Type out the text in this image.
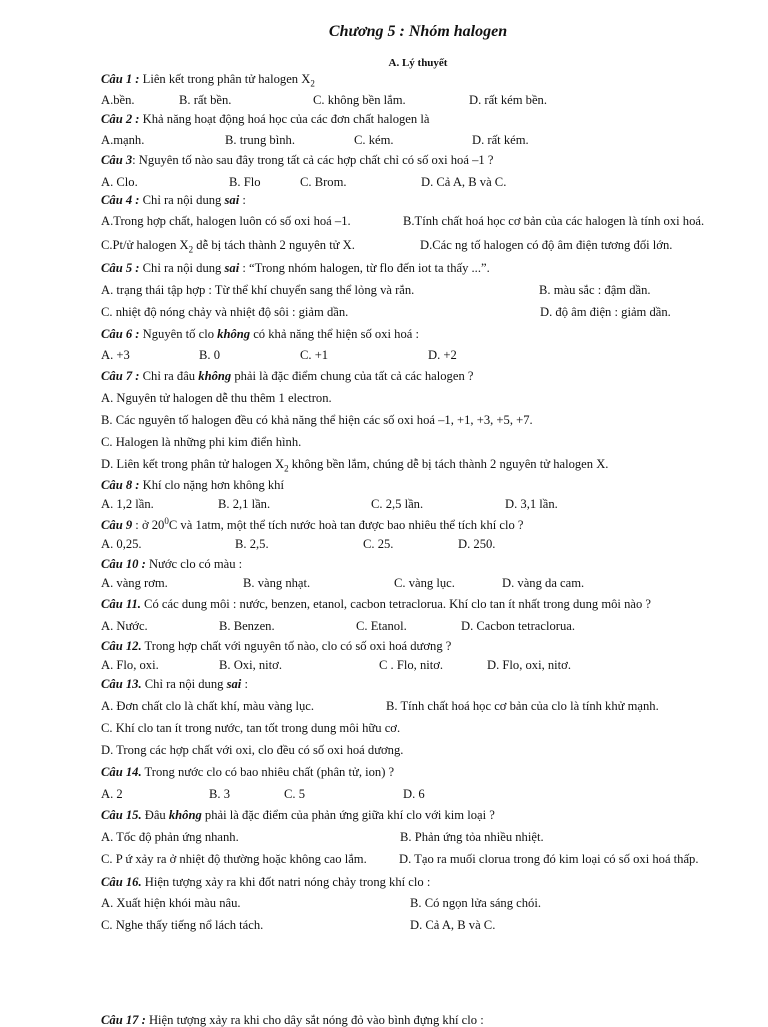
Chương 5 : Nhóm halogen
A. Lý thuyết
Câu 1 : Liên kết trong phân tử halogen $X_2$
A.bền.	B. rất bền.	C. không bền lắm.	D. rất kém bền.
Câu 2 : Khả năng hoạt động hoá học của các đơn chất halogen là
A.mạnh.	B. trung bình.	C. kém.	D. rất kém.
Câu 3: Nguyên tố nào sau đây trong tất cả các hợp chất chỉ có số oxi hoá –1 ?
A. Clo.	B. Flo	C. Brom.	D. Cả A, B và C.
Câu 4 : Chỉ ra nội dung sai :
A.Trong hợp chất, halogen luôn có số oxi hoá –1.	B.Tính chất hoá học cơ bản của các halogen là tính oxi hoá.
C.Pt/ử halogen $X_2$ dễ bị tách thành 2 nguyên tử X.	D.Các ng tố halogen có độ âm điện tương đối lớn.
Câu 5 : Chỉ ra nội dung sai : “Trong nhóm halogen, từ flo đến iot ta thấy ...”.
A. trạng thái tập hợp : Từ thể khí chuyển sang thể lỏng và rắn.	B. màu sắc : đậm dần.
C. nhiệt độ nóng chảy và nhiệt độ sôi : giảm dần.	D. độ âm điện : giảm dần.
Câu 6 : Nguyên tố clo không có khả năng thể hiện số oxi hoá :
A. +3	B. 0	C. +1	D. +2
Câu 7 : Chỉ ra đâu không phải là đặc điểm chung của tất cả các halogen ?
A. Nguyên tử halogen dễ thu thêm 1 electron.
B. Các nguyên tố halogen đều có khả năng thể hiện các số oxi hoá –1, +1, +3, +5, +7.
C. Halogen là những phi kim điển hình.
D. Liên kết trong phân tử halogen $X_2$ không bền lắm, chúng dễ bị tách thành 2 nguyên tử halogen X.
Câu 8 : Khí clo nặng hơn không khí
A. 1,2 lần.	B. 2,1 lần.	C. 2,5 lần.	D. 3,1 lần.
Câu 9 : ở $20^0C$ và 1atm, một thể tích nước hoà tan được bao nhiêu thể tích khí clo ?
A. 0,25.	B. 2,5.	C. 25.	D. 250.
Câu 10 : Nước clo có màu :
A. vàng rơm.	B. vàng nhạt.	C. vàng lục.	D. vàng da cam.
Câu 11. Có các dung môi : nước, benzen, etanol, cacbon tetraclorua. Khí clo tan ít nhất trong dung môi nào ?
A. Nước.	B. Benzen.	C. Etanol.	D. Cacbon tetraclorua.
Câu 12. Trong hợp chất với nguyên tố nào, clo có số oxi hoá dương ?
A. Flo, oxi.	B. Oxi, nitơ.	C . Flo, nitơ.	D. Flo, oxi, nitơ.
Câu 13. Chỉ ra nội dung sai :
A. Đơn chất clo là chất khí, màu vàng lục.	B. Tính chất hoá học cơ bản của clo là tính khử mạnh.
C. Khí clo tan ít trong nước, tan tốt trong dung môi hữu cơ.
D. Trong các hợp chất với oxi, clo đều có số oxi hoá dương.
Câu 14. Trong nước clo có bao nhiêu chất (phân tử, ion) ?
A. 2	B. 3	C. 5	D. 6
Câu 15. Đâu không phải là đặc điểm của phản ứng giữa khí clo với kim loại ?
A. Tốc độ phản ứng nhanh.	B. Phản ứng tỏa nhiều nhiệt.
C. P ứ xảy ra ở nhiệt độ thường hoặc không cao lắm.	D. Tạo ra muối clorua trong đó kim loại có số oxi hoá thấp.
Câu 16. Hiện tượng xảy ra khi đốt natri nóng chảy trong khí clo :
A. Xuất hiện khói màu nâu.	B. Có ngọn lửa sáng chói.
C. Nghe thấy tiếng nổ lách tách.	D. Cả A, B và C.
Câu 17 : Hiện tượng xảy ra khi cho dây sắt nóng đỏ vào bình đựng khí clo :
